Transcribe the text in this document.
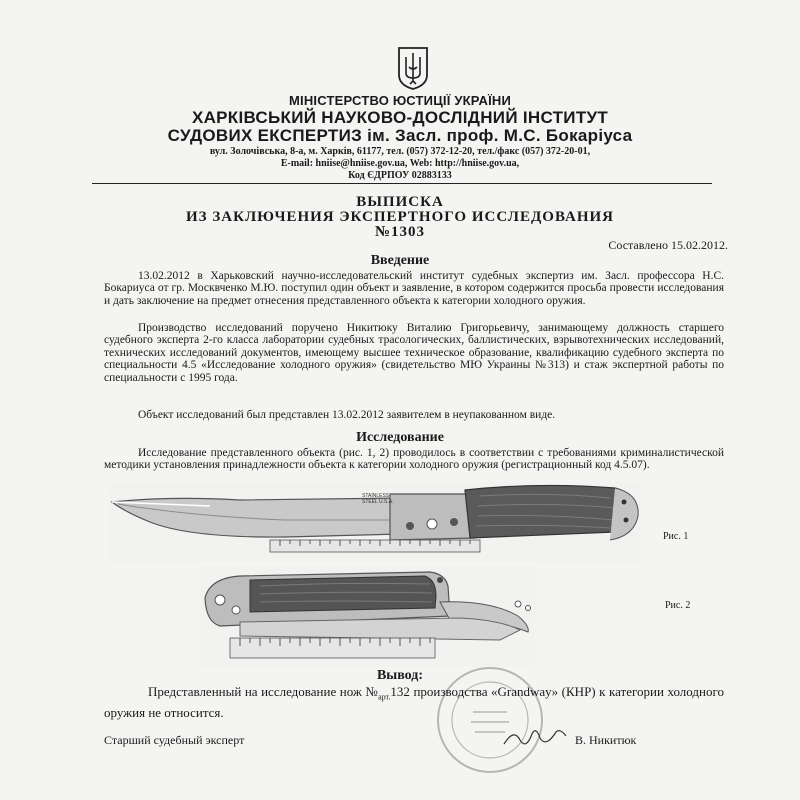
МІНІСТЕРСТВО ЮСТИЦІЇ УКРАЇНИ
ХАРКІВСЬКИЙ НАУКОВО-ДОСЛІДНИЙ ІНСТИТУТ
СУДОВИХ ЕКСПЕРТИЗ ім. Засл. проф. М.С. Бокаріуса
вул. Золочівська, 8-а, м. Харків, 61177, тел. (057) 372-12-20, тел./факс (057) 372-20-01,
E-mail: hniise@hniise.gov.ua, Web: http://hniise.gov.ua,
Код ЄДРПОУ 02883133
ВЫПИСКА
ИЗ ЗАКЛЮЧЕНИЯ ЭКСПЕРТНОГО ИССЛЕДОВАНИЯ
№1303
Составлено 15.02.2012.
Введение
13.02.2012 в Харьковский научно-исследовательский институт судебных экспертиз им. Засл. профессора Н.С. Бокариуса от гр. Москвченко М.Ю. поступил один объект и заявление, в котором содержится просьба провести исследования и дать заключение на предмет отнесения представленного объекта к категории холодного оружия.
Производство исследований поручено Никитюку Виталию Григорьевичу, занимающему должность старшего судебного эксперта 2-го класса лаборатории судебных трасологических, баллистических, взрывотехнических исследований, технических исследований документов, имеющему высшее техническое образование, квалификацию судебного эксперта по специальности 4.5 «Исследование холодного оружия» (свидетельство МЮ Украины №313) и стаж экспертной работы по специальности с 1995 года.
Объект исследований был представлен 13.02.2012 заявителем в неупакованном виде.
Исследование
Исследование представленного объекта (рис. 1, 2) проводилось в соответствии с требованиями криминалистической методики установления принадлежности объекта к категории холодного оружия (регистрационный код 4.5.07).
STAINLESS STEEL U.S.A.
Рис. 1
Рис. 2
Вывод:
Представленный на исследование нож $№_{арт.}132$ производства «Grandway» (КНР) к категории холодного оружия не относится.
Старший судебный эксперт	В. Никитюк
